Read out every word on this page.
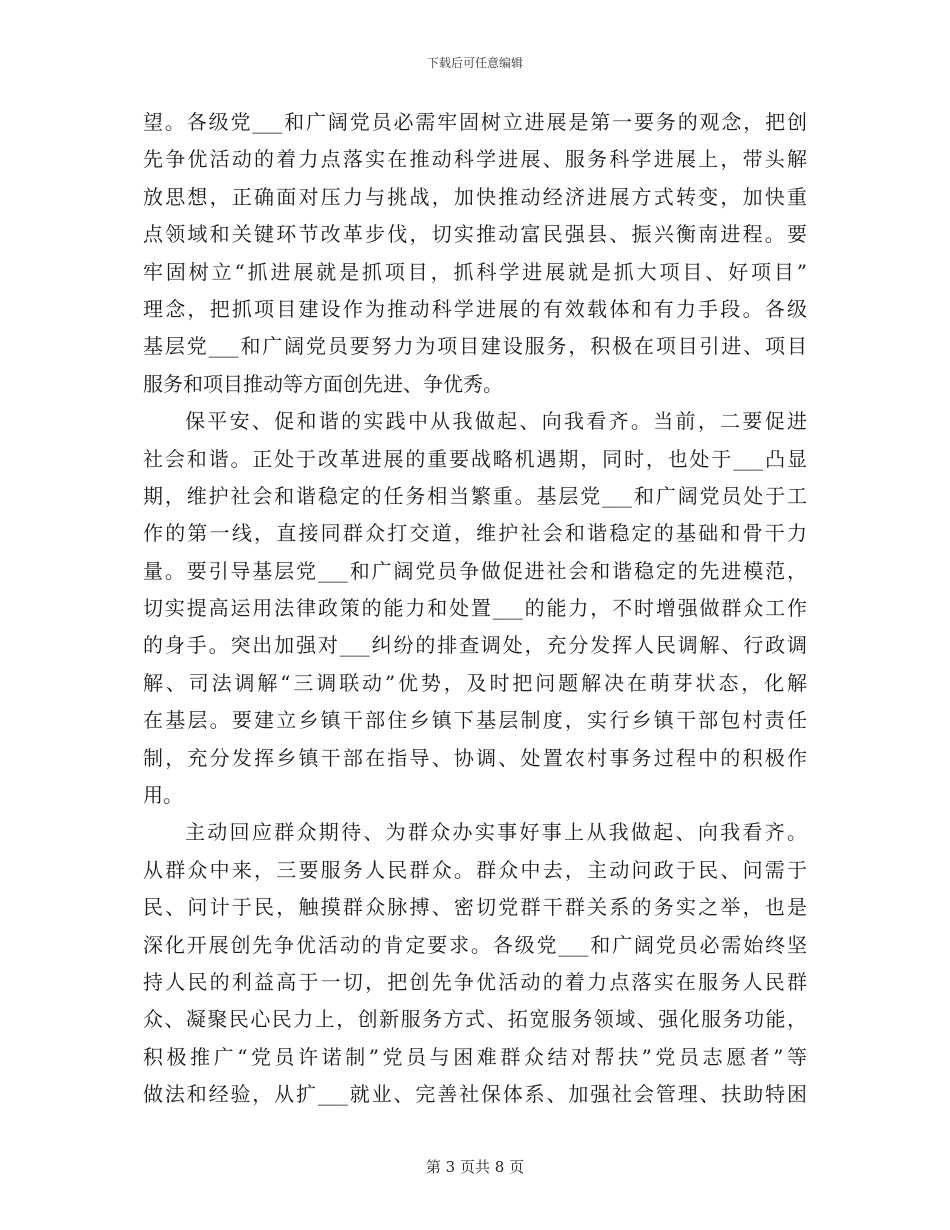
下载后可任意编辑
望。各级党___和广阔党员必需牢固树立进展是第一要务的观念，把创
先争优活动的着力点落实在推动科学进展、服务科学进展上，带头解
放思想，正确面对压力与挑战，加快推动经济进展方式转变，加快重
点领域和关键环节改革步伐，切实推动富民强县、振兴衡南进程。要
牢固树立“抓进展就是抓项目，抓科学进展就是抓大项目、好项目”
理念，把抓项目建设作为推动科学进展的有效载体和有力手段。各级
基层党___和广阔党员要努力为项目建设服务，积极在项目引进、项目
服务和项目推动等方面创先进、争优秀。
保平安、促和谐的实践中从我做起、向我看齐。当前，二要促进
社会和谐。正处于改革进展的重要战略机遇期，同时，也处于___凸显
期，维护社会和谐稳定的任务相当繁重。基层党___和广阔党员处于工
作的第一线，直接同群众打交道，维护社会和谐稳定的基础和骨干力
量。要引导基层党___和广阔党员争做促进社会和谐稳定的先进模范，
切实提高运用法律政策的能力和处置___的能力，不时增强做群众工作
的身手。突出加强对___纠纷的排查调处，充分发挥人民调解、行政调
解、司法调解“三调联动”优势，及时把问题解决在萌芽状态，化解
在基层。要建立乡镇干部住乡镇下基层制度，实行乡镇干部包村责任
制，充分发挥乡镇干部在指导、协调、处置农村事务过程中的积极作
用。
主动回应群众期待、为群众办实事好事上从我做起、向我看齐。
从群众中来，三要服务人民群众。群众中去，主动问政于民、问需于
民、问计于民，触摸群众脉搏、密切党群干群关系的务实之举，也是
深化开展创先争优活动的肯定要求。各级党___和广阔党员必需始终坚
持人民的利益高于一切，把创先争优活动的着力点落实在服务人民群
众、凝聚民心民力上，创新服务方式、拓宽服务领域、强化服务功能，
积极推广“党员许诺制”党员与困难群众结对帮扶”党员志愿者”等
做法和经验，从扩___就业、完善社保体系、加强社会管理、扶助特困
第 3 页共 8 页
